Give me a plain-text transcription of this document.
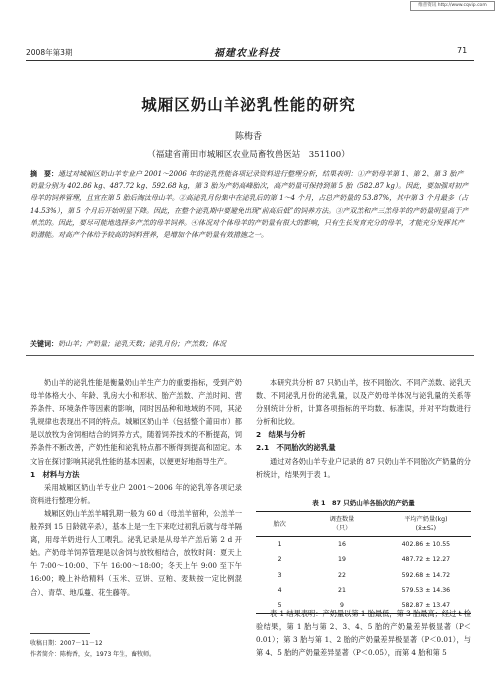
维普资讯 http://www.cqvip.com
2008年第3期	福建农业科技	71
城厢区奶山羊泌乳性能的研究
陈梅香
（福建省莆田市城厢区农业局畜牧兽医站　351100）
摘　要：通过对城厢区奶山羊专业户 2001～2006 年的泌乳性能各项记录资料进行整理分析，结果表明：①产奶母羊第 1、第 2、第 3 胎产奶量分别为 402.86 kg、487.72 kg、592.68 kg，第 3 胎为产奶高峰胎次，高产奶量可保持到第 5 胎（582.87 kg）。因此，要加强对初产母羊的饲养管理，且宜在第 5 胎后淘汰母山羊。②高泌乳月份集中在泌乳后的第 1～4 个月，占总产奶量的 53.87%，其中第 3 个月最多（占 14.53%），第 5 个月后开始明显下降。因此，在整个泌乳期中要避免出现“前高后低”的饲养方法。③产双羔和产三羔母羊的产奶量明显高于产单羔的。因此，要尽可能地选择多产羔的母羊饲养。④体况对个体母羊的产奶量有很大的影响，只有生长发育充分的母羊，才能充分发挥其产奶潜能。对高产个体给予较高的饲料营养，是增加个体产奶量有效措施之一。
关键词：奶山羊；产奶量；泌乳天数；泌乳月份；产羔数；体况

奶山羊的泌乳性能是衡量奶山羊生产力的重要指标，受到产奶母羊体格大小、年龄、乳房大小和形状、胎产羔数、产羔时间、营养条件、环境条件等因素的影响，同时因品种和地域的不同，其泌乳规律也表现出不同的特点。城厢区奶山羊（包括整个莆田市）都是以放牧为舍饲相结合的饲养方式，随着饲养技术的不断提高，饲养条件不断改善，产奶性能和泌乳特点都不断得到提高和固定。本文旨在探讨影响其泌乳性能的基本因素，以便更好地指导生产。

1　材料与方法

采用城厢区奶山羊专业户 2001～2006 年的泌乳等各项记录资料进行整理分析。

城厢区奶山羊羔羊哺乳期一般为 60 d（母羔羊留种，公羔羊一般养到 15 日龄就辛杀），基本上是一生下来吃过初乳后就与母羊隔离，用母羊奶进行人工喂乳。泌乳记录是从母羊产羔后第 2 d 开始。产奶母羊饲养管理是以舍饲与放牧相结合，放牧时间：夏天上午 7:00～10:00、下午 16:00～18:00；冬天上午 9:00 至下午 16:00；晚上补给精料（玉米、豆饼、豆粕、麦麸按一定比例混合）、青草、地瓜蔓、花生藤等。

收稿日期：2007－11－12
作者简介：陈梅香，女，1973 年生，畜牧师。

本研究共分析 87 只奶山羊，按不同胎次、不同产羔数、泌乳天数、不同泌乳月份的泌乳量，以及产奶母羊体况与泌乳量的关系等分别统计分析，计算各项指标的平均数、标准误，并对平均数进行分析和比较。

2　结果与分析
2.1　不同胎次的泌乳量

通过对各奶山羊专业户记录的 87 只奶山羊不同胎次产奶量的分析统计，结果列于表 1。

表 1　87 只奶山羊各胎次的产奶量
胎次	调查数量
（只）	平均产奶量(kg)
(x̄±Sₓ̄)
1	16	402.86 ± 10.55
2	19	487.72 ± 12.27
3	22	592.68 ± 14.72
4	21	579.53 ± 14.36
5	9	582.87 ± 13.47

表 1 结果表明：产奶量以第 1 胎最低，第 3 胎最高；经过 t 检验结果，第 1 胎与第 2、3、4、5 胎的产奶量差异极显著（P＜0.01）；第 3 胎与第 1、2 胎的产奶量差异极显著（P＜0.01），与第 4、5 胎的产奶量差异显著（P＜0.05），而第 4 胎和第 5
